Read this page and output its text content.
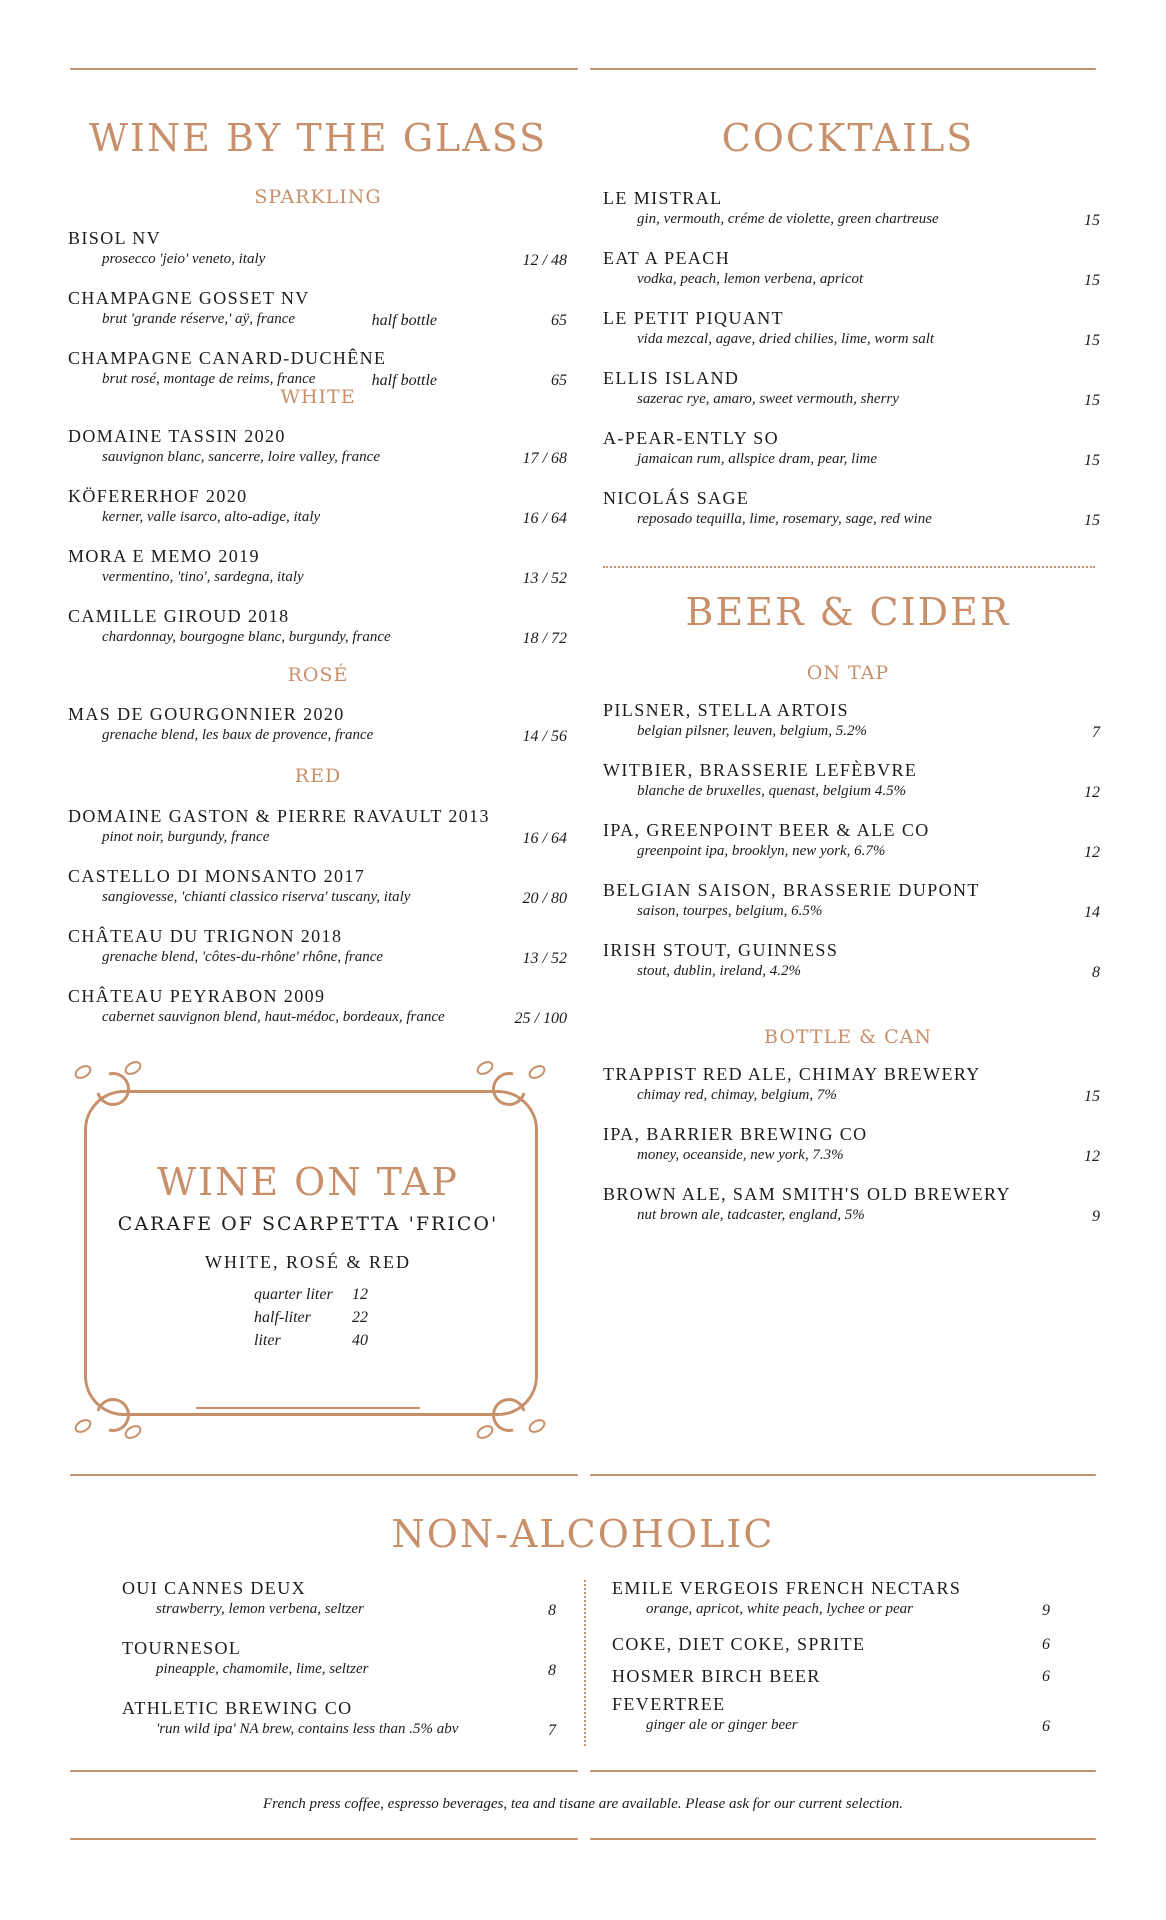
WINE BY THE GLASS
SPARKLING
BISOL NV
prosecco 'jeio' veneto, italy	12 / 48
CHAMPAGNE GOSSET NV
brut 'grande réserve,' aÿ, france	65
half bottle
CHAMPAGNE CANARD-DUCHÊNE
brut rosé, montage de reims, france	65
half bottle
WHITE
DOMAINE TASSIN 2020
sauvignon blanc, sancerre, loire valley, france	17 / 68
KÖFERERHOF 2020
kerner, valle isarco, alto-adige, italy	16 / 64
MORA E MEMO 2019
vermentino, 'tino', sardegna, italy	13 / 52
CAMILLE GIROUD 2018
chardonnay, bourgogne blanc, burgundy, france	18 / 72
ROSÉ
MAS DE GOURGONNIER 2020
grenache blend, les baux de provence, france	14 / 56
RED
DOMAINE GASTON & PIERRE RAVAULT 2013
pinot noir, burgundy, france	16 / 64
CASTELLO DI MONSANTO 2017
sangiovesse, 'chianti classico riserva' tuscany, italy	20 / 80
CHÂTEAU DU TRIGNON 2018
grenache blend, 'côtes-du-rhône' rhône, france	13 / 52
CHÂTEAU PEYRABON 2009
cabernet sauvignon blend, haut-médoc, bordeaux, france	25 / 100
WINE ON TAP
CARAFE OF SCARPETTA 'FRICO'
WHITE, ROSÉ & RED
quarter liter 12
half-liter	22
liter	40
COCKTAILS
LE MISTRAL
gin, vermouth, créme de violette, green chartreuse	15
EAT A PEACH
vodka, peach, lemon verbena, apricot	15
LE PETIT PIQUANT
vida mezcal, agave, dried chilies, lime, worm salt	15
ELLIS ISLAND
sazerac rye, amaro, sweet vermouth, sherry	15
A-PEAR-ENTLY SO
jamaican rum, allspice dram, pear, lime	15
NICOLÁS SAGE
reposado tequilla, lime, rosemary, sage, red wine	15
BEER & CIDER
ON TAP
PILSNER, STELLA ARTOIS
belgian pilsner, leuven, belgium, 5.2%	7
WITBIER, BRASSERIE LEFÈBVRE
blanche de bruxelles, quenast, belgium 4.5%	12
IPA, GREENPOINT BEER & ALE CO
greenpoint ipa, brooklyn, new york, 6.7%	12
BELGIAN SAISON, BRASSERIE DUPONT
saison, tourpes, belgium, 6.5%	14
IRISH STOUT, GUINNESS
stout, dublin, ireland, 4.2%	8
BOTTLE & CAN
TRAPPIST RED ALE, CHIMAY BREWERY
chimay red, chimay, belgium, 7%	15
IPA, BARRIER BREWING CO
money, oceanside, new york, 7.3%	12
BROWN ALE, SAM SMITH'S OLD BREWERY
nut brown ale, tadcaster, england, 5%	9
NON-ALCOHOLIC
OUI CANNES DEUX
strawberry, lemon verbena, seltzer	8
TOURNESOL
pineapple, chamomile, lime, seltzer	8
ATHLETIC BREWING CO
'run wild ipa' NA brew, contains less than .5% abv	7
EMILE VERGEOIS FRENCH NECTARS
orange, apricot, white peach, lychee or pear	9
COKE, DIET COKE, SPRITE	6
HOSMER BIRCH BEER	6
FEVERTREE
ginger ale or ginger beer	6
French press coffee, espresso beverages, tea and tisane are available. Please ask for our current selection.
